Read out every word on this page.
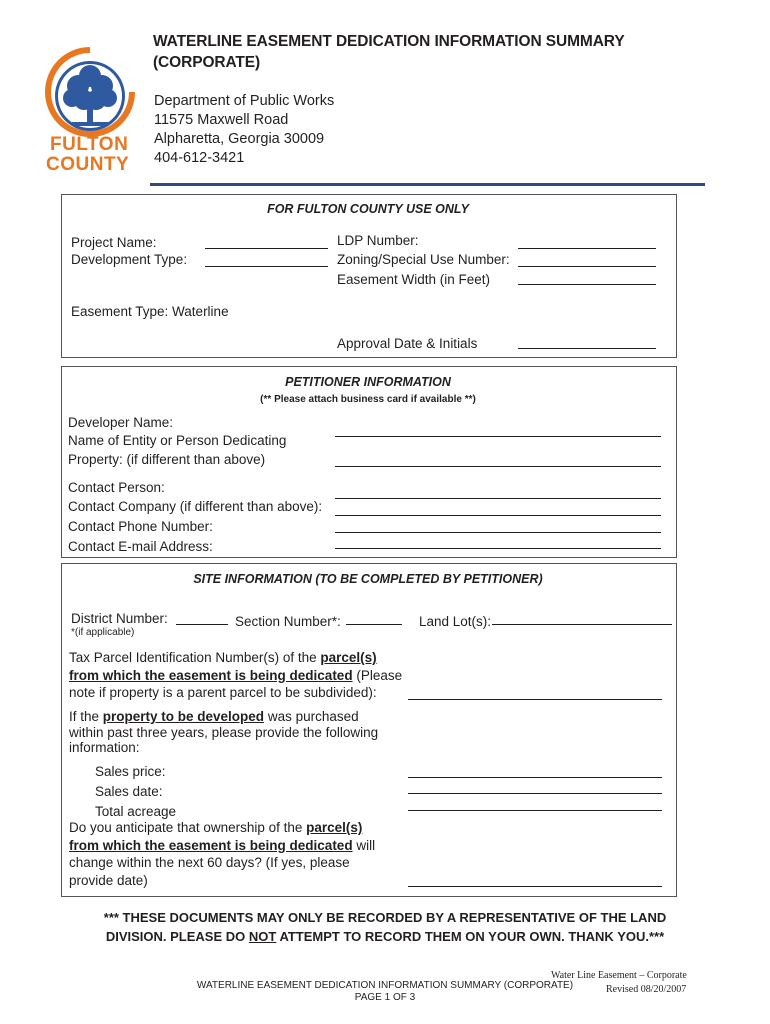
FULTON
COUNTY
WATERLINE EASEMENT DEDICATION INFORMATION SUMMARY
(CORPORATE)
Department of Public Works
11575 Maxwell Road
Alpharetta, Georgia 30009
404-612-3421
FOR FULTON COUNTY USE ONLY
Project Name:
Development Type:
LDP Number:
Zoning/Special Use Number:
Easement Width (in Feet)
Easement Type: Waterline
Approval Date & Initials
PETITIONER INFORMATION
(** Please attach business card if available **)
Developer Name:
Name of Entity or Person Dedicating
Property: (if different than above)
Contact Person:
Contact Company (if different than above):
Contact Phone Number:
Contact E-mail Address:
SITE INFORMATION (TO BE COMPLETED BY PETITIONER)
District Number:
*(if applicable)
Section Number*:	Land Lot(s):
Tax Parcel Identification Number(s) of the parcel(s)
from which the easement is being dedicated (Please
note if property is a parent parcel to be subdivided):
If the property to be developed was purchased
within past three years, please provide the following
information:
Sales price:
Sales date:
Total acreage
Do you anticipate that ownership of the parcel(s)
from which the easement is being dedicated will
change within the next 60 days? (If yes, please
provide date)
*** THESE DOCUMENTS MAY ONLY BE RECORDED BY A REPRESENTATIVE OF THE LAND
DIVISION. PLEASE DO NOT ATTEMPT TO RECORD THEM ON YOUR OWN. THANK YOU.***
Water Line Easement – Corporate
Revised 08/20/2007
WATERLINE EASEMENT DEDICATION INFORMATION SUMMARY (CORPORATE)
PAGE 1 OF 3
